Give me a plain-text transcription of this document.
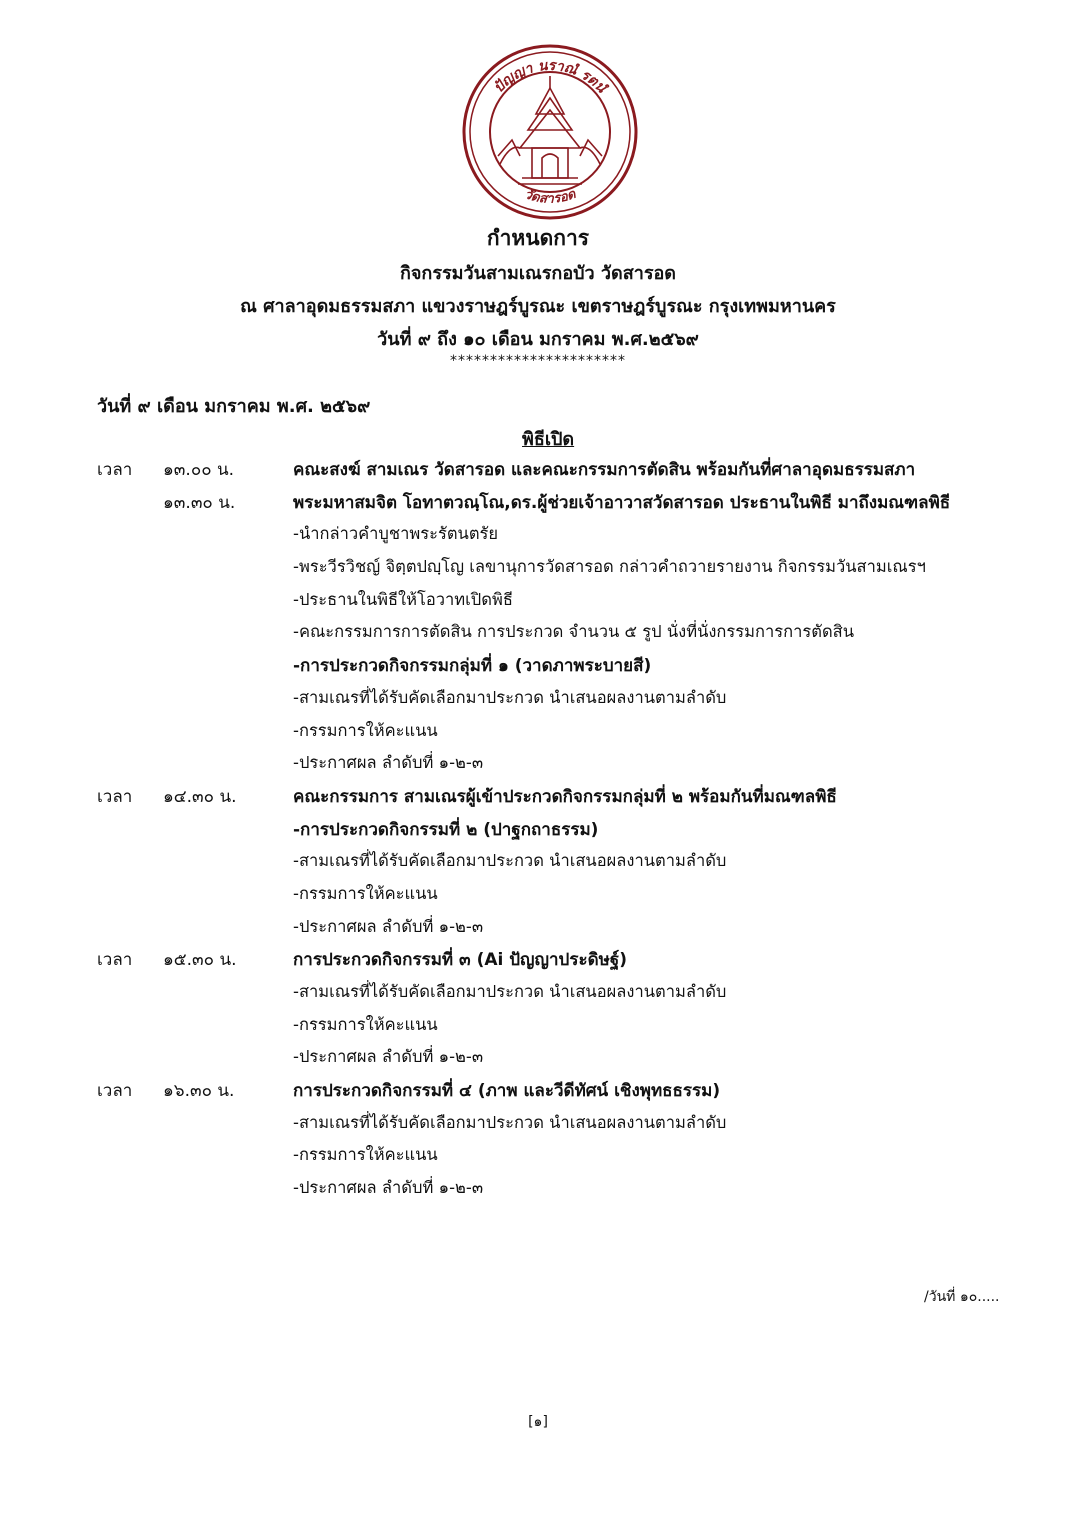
ปัญญา นราณํ รตนํ
วัดสารอด
กำหนดการ
กิจกรรมวันสามเณรกอบัว วัดสารอด
ณ ศาลาอุดมธรรมสภา แขวงราษฎร์บูรณะ เขตราษฎร์บูรณะ กรุงเทพมหานคร
วันที่ ๙ ถึง ๑๐ เดือน มกราคม พ.ศ.๒๕๖๙
**********************
วันที่ ๙ เดือน มกราคม พ.ศ. ๒๕๖๙
พิธีเปิด
เวลา ๑๓.๐๐ น.	คณะสงฆ์ สามเณร วัดสารอด และคณะกรรมการตัดสิน พร้อมกันที่ศาลาอุดมธรรมสภา
๑๓.๓๐ น.	พระมหาสมจิต โอทาตวณฺโณ,ดร.ผู้ช่วยเจ้าอาวาสวัดสารอด ประธานในพิธี มาถึงมณฑลพิธี
-นำกล่าวคำบูชาพระรัตนตรัย
-พระวีรวิชญ์ จิตฺตปญฺโญ เลขานุการวัดสารอด กล่าวคำถวายรายงาน กิจกรรมวันสามเณรฯ
-ประธานในพิธีให้โอวาทเปิดพิธี
-คณะกรรมการการตัดสิน การประกวด จำนวน ๕ รูป นั่งที่นั่งกรรมการการตัดสิน
-การประกวดกิจกรรมกลุ่มที่ ๑ (วาดภาพระบายสี)
-สามเณรที่ได้รับคัดเลือกมาประกวด นำเสนอผลงานตามลำดับ
-กรรมการให้คะแนน
-ประกาศผล ลำดับที่ ๑-๒-๓
เวลา ๑๔.๓๐ น.	คณะกรรมการ สามเณรผู้เข้าประกวดกิจกรรมกลุ่มที่ ๒ พร้อมกันที่มณฑลพิธี
-การประกวดกิจกรรมที่ ๒ (ปาฐกถาธรรม)
-สามเณรที่ได้รับคัดเลือกมาประกวด นำเสนอผลงานตามลำดับ
-กรรมการให้คะแนน
-ประกาศผล ลำดับที่ ๑-๒-๓
เวลา ๑๕.๓๐ น.	การประกวดกิจกรรมที่ ๓ (Ai ปัญญาประดิษฐ์)
-สามเณรที่ได้รับคัดเลือกมาประกวด นำเสนอผลงานตามลำดับ
-กรรมการให้คะแนน
-ประกาศผล ลำดับที่ ๑-๒-๓
เวลา ๑๖.๓๐ น.	การประกวดกิจกรรมที่ ๔ (ภาพ และวีดีทัศน์ เชิงพุทธธรรม)
-สามเณรที่ได้รับคัดเลือกมาประกวด นำเสนอผลงานตามลำดับ
-กรรมการให้คะแนน
-ประกาศผล ลำดับที่ ๑-๒-๓
/วันที่ ๑๐.....
[๑]
